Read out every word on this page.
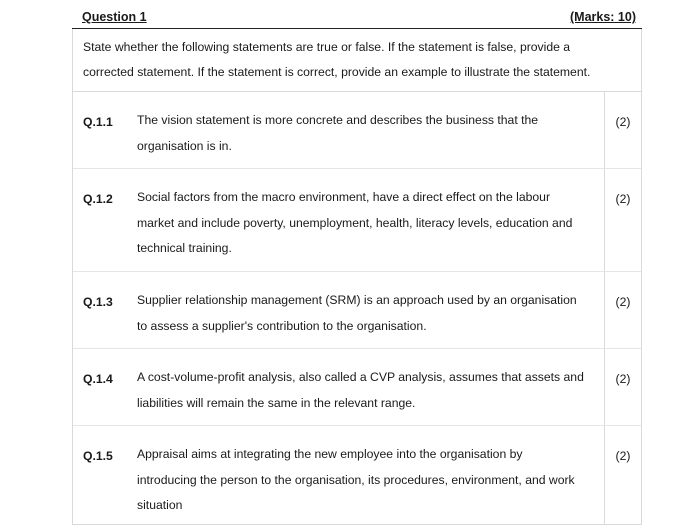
Question 1	(Marks: 10)
State whether the following statements are true or false. If the statement is false, provide a
corrected statement. If the statement is correct, provide an example to illustrate the statement.
Q.1.1 The vision statement is more concrete and describes the business that the
organisation is in.
(2)
Q.1.2 Social factors from the macro environment, have a direct effect on the labour
market and include poverty, unemployment, health, literacy levels, education and
technical training.
(2)
Q.1.3 Supplier relationship management (SRM) is an approach used by an organisation
to assess a supplier's contribution to the organisation.
(2)
Q.1.4 A cost-volume-profit analysis, also called a CVP analysis, assumes that assets and
liabilities will remain the same in the relevant range.
(2)
Q.1.5 Appraisal aims at integrating the new employee into the organisation by
introducing the person to the organisation, its procedures, environment, and work
situation
(2)
